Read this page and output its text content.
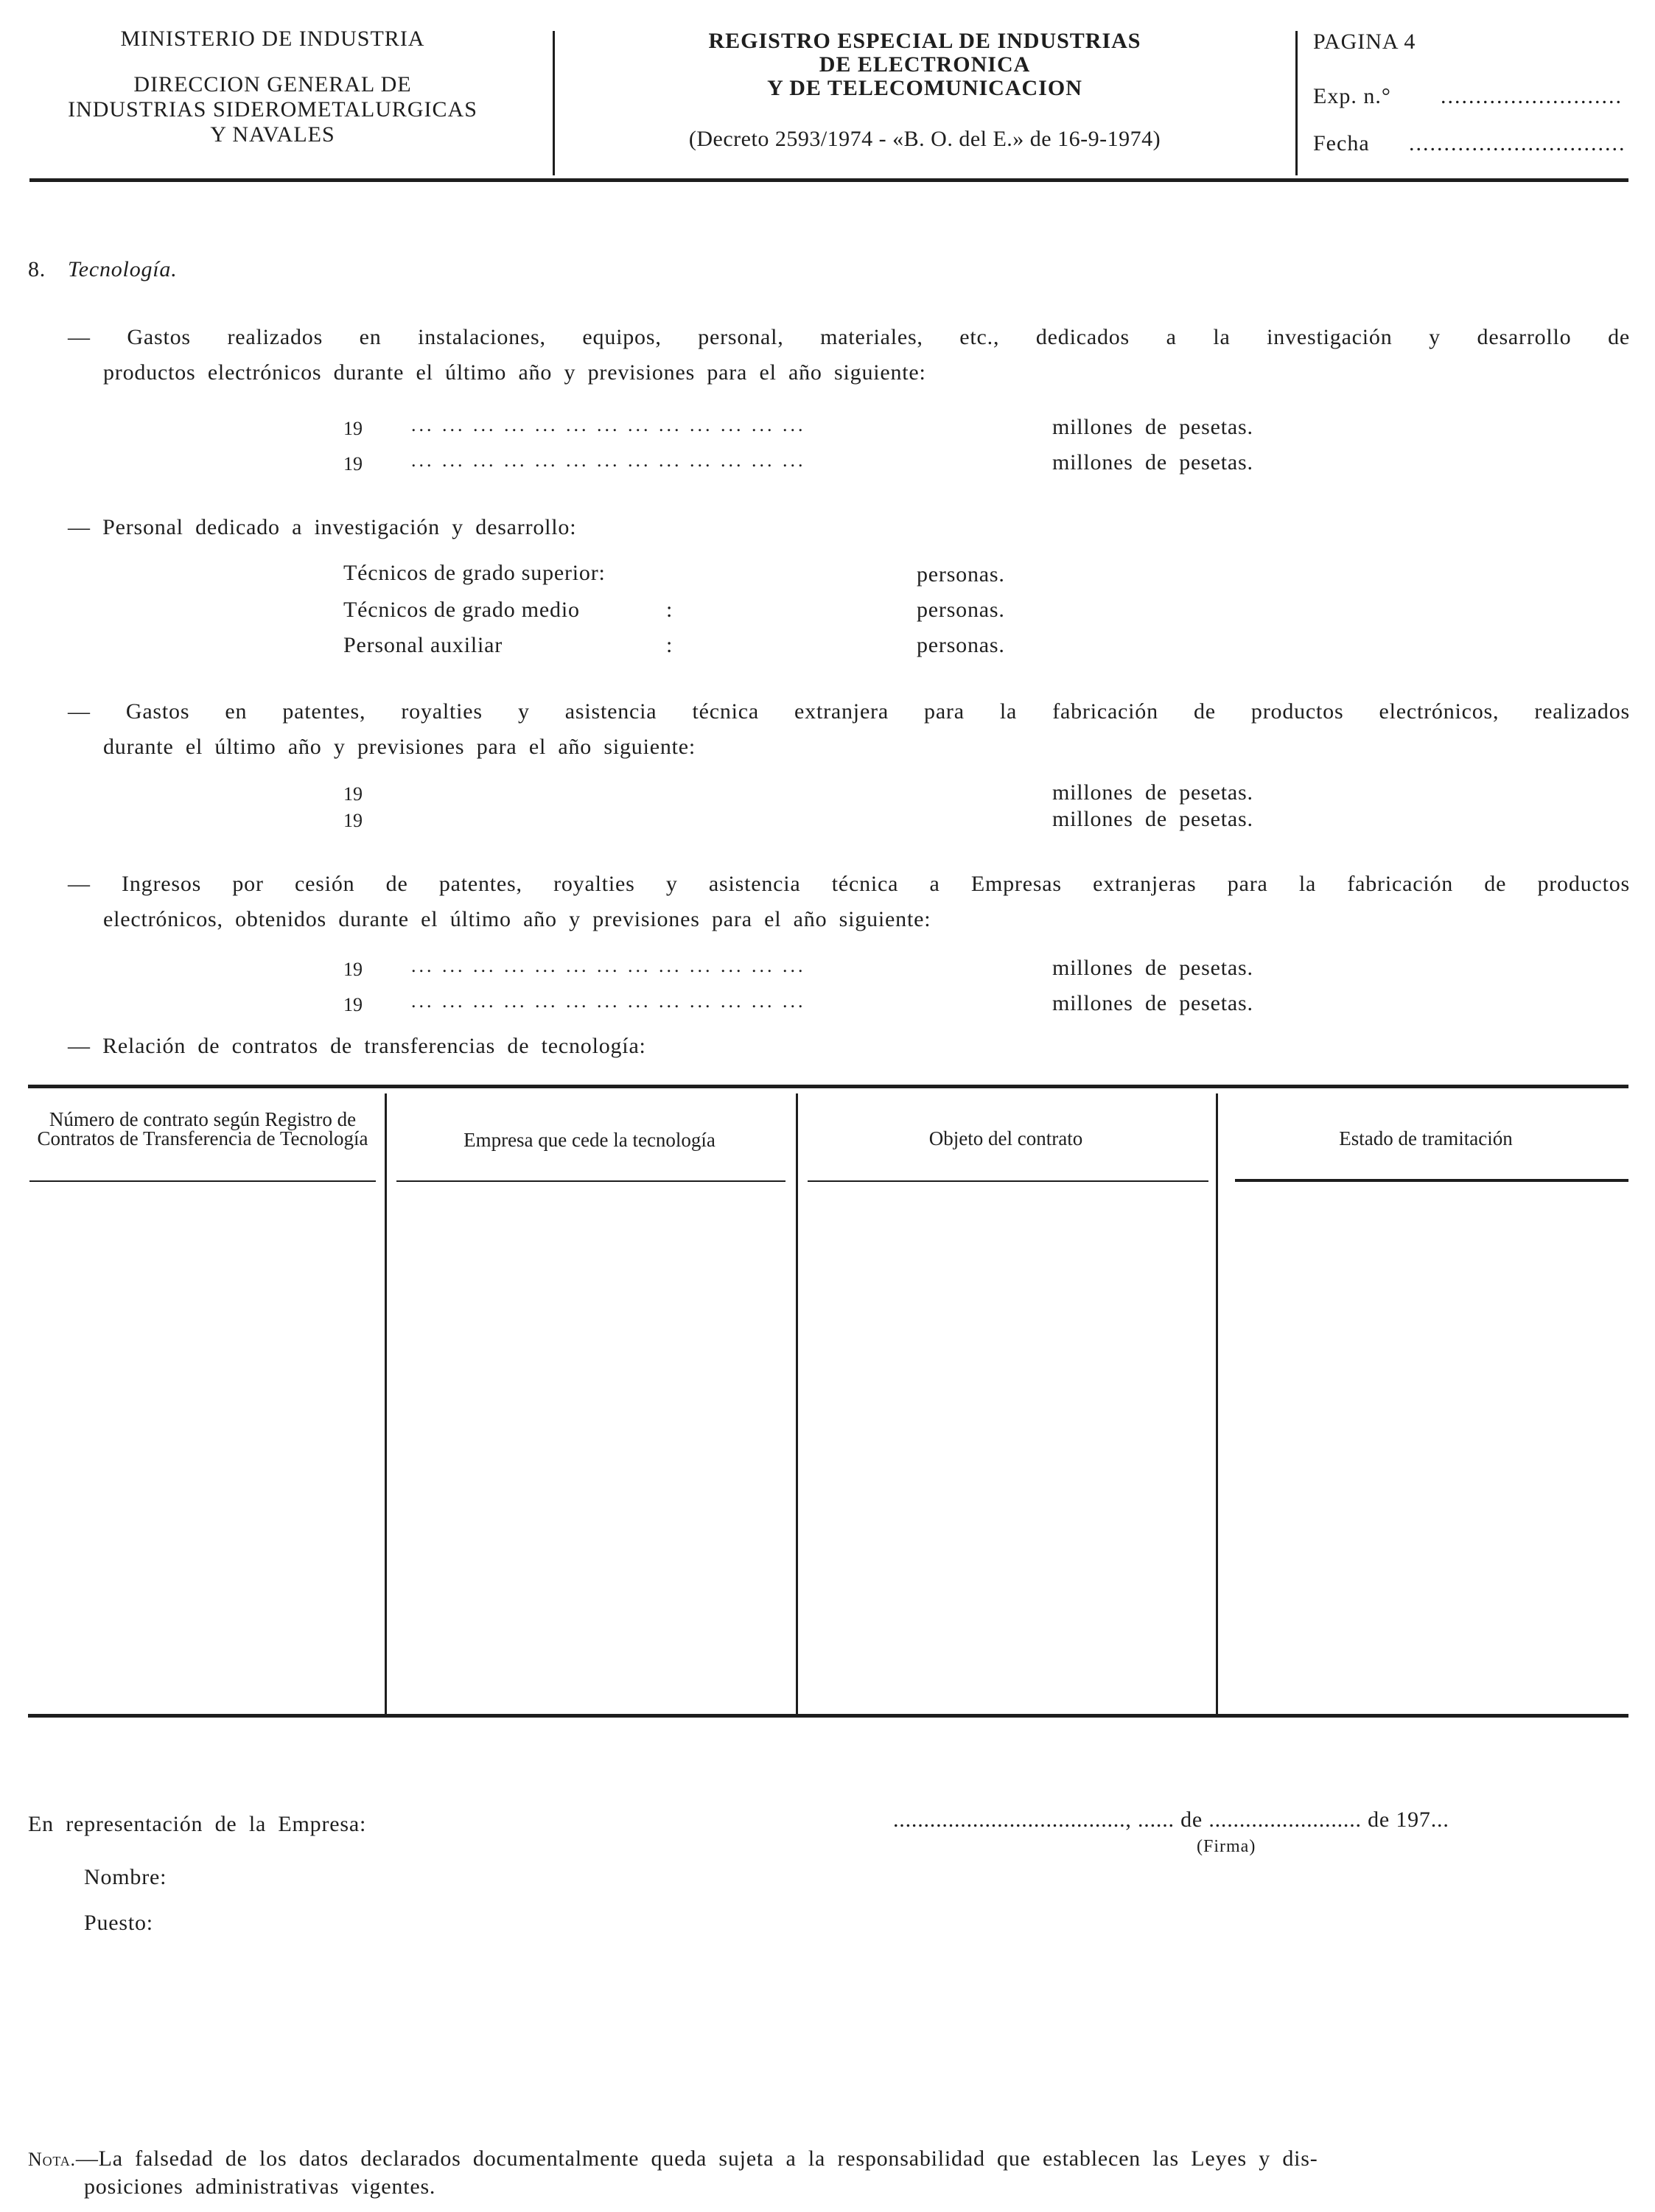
MINISTERIO DE INDUSTRIA
DIRECCION GENERAL DE
INDUSTRIAS SIDEROMETALURGICAS
Y NAVALES
REGISTRO ESPECIAL DE INDUSTRIAS
DE ELECTRONICA
Y DE TELECOMUNICACION
(Decreto 2593/1974 - «B. O. del E.» de 16-9-1974)
PAGINA 4
Exp. n.° ..........................
Fecha ...............................
8. Tecnología.
— Gastos realizados en instalaciones, equipos, personal, materiales, etc., dedicados a la investigación y desarrollo de
productos electrónicos durante el último año y previsiones para el año siguiente:
19	... ... ... ... ... ... ... ... ... ... ... ... ...	millones de pesetas.
19	... ... ... ... ... ... ... ... ... ... ... ... ...	millones de pesetas.
— Personal dedicado a investigación y desarrollo:
Técnicos de grado superior:	personas.
Técnicos de grado medio	:	personas.
Personal auxiliar	:	personas.
— Gastos en patentes, royalties y asistencia técnica extranjera para la fabricación de productos electrónicos, realizados
durante el último año y previsiones para el año siguiente:
19	millones de pesetas.
19	millones de pesetas.
— Ingresos por cesión de patentes, royalties y asistencia técnica a Empresas extranjeras para la fabricación de productos
electrónicos, obtenidos durante el último año y previsiones para el año siguiente:
19	... ... ... ... ... ... ... ... ... ... ... ... ...	millones de pesetas.
19	... ... ... ... ... ... ... ... ... ... ... ... ...	millones de pesetas.
— Relación de contratos de transferencias de tecnología:
Número de contrato según Registro de Contratos de Transferencia de Tecnología	Empresa que cede la tecnología	Objeto del contrato	Estado de tramitación
En representación de la Empresa:	......................................, ...... de ......................... de 197...
(Firma)
Nombre:
Puesto:
Nota.—La falsedad de los datos declarados documentalmente queda sujeta a la responsabilidad que establecen las Leyes y dis-
posiciones administrativas vigentes.
